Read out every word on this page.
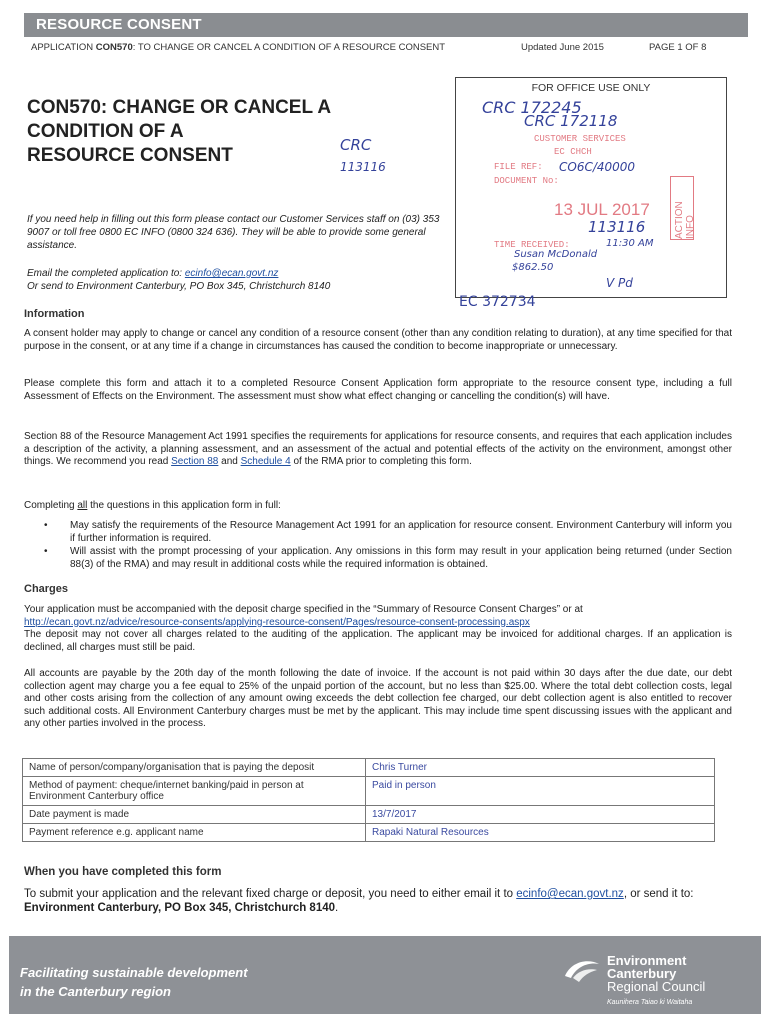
RESOURCE CONSENT
APPLICATION CON570: TO CHANGE OR CANCEL A CONDITION OF A RESOURCE CONSENT	Updated June 2015	PAGE 1 OF 8
CON570: CHANGE OR CANCEL A
CONDITION OF A
RESOURCE CONSENT	CRC
113116

If you need help in filling out this form please contact our Customer Services staff on (03) 353 9007 or toll free 0800 EC INFO (0800 324 636). They will be able to provide some general assistance.

Email the completed application to: ecinfo@ecan.govt.nz
Or send to Environment Canterbury, PO Box 345, Christchurch 8140

FOR OFFICE USE ONLY
CRC 172245
CRC 172118
CUSTOMER SERVICES
EC CHCH
FILE REF:
DOCUMENT No:
13 JUL 2017
TIME RECEIVED:
CO6C/40000
113116
11:30 AM
Susan McDonald
$862.50
V Pd
ACTION INFO
EC 372734
Information

A consent holder may apply to change or cancel any condition of a resource consent (other than any condition relating to duration), at any time specified for that purpose in the consent, or at any time if a change in circumstances has caused the condition to become inappropriate or unnecessary.

Please complete this form and attach it to a completed Resource Consent Application form appropriate to the resource consent type, including a full Assessment of Effects on the Environment. The assessment must show what effect changing or cancelling the condition(s) will have.

Section 88 of the Resource Management Act 1991 specifies the requirements for applications for resource consents, and requires that each application includes a description of the activity, a planning assessment, and an assessment of the actual and potential effects of the activity on the environment, amongst other things. We recommend you read Section 88 and Schedule 4 of the RMA prior to completing this form.

Completing all the questions in this application form in full:

• May satisfy the requirements of the Resource Management Act 1991 for an application for resource consent. Environment Canterbury will inform you if further information is required.
• Will assist with the prompt processing of your application. Any omissions in this form may result in your application being returned (under Section 88(3) of the RMA) and may result in additional costs while the required information is obtained.
Charges

Your application must be accompanied with the deposit charge specified in the “Summary of Resource Consent Charges” or at
http://ecan.govt.nz/advice/resource-consents/applying-resource-consent/Pages/resource-consent-processing.aspx
The deposit may not cover all charges related to the auditing of the application. The applicant may be invoiced for additional charges. If an application is declined, all charges must still be paid.

All accounts are payable by the 20th day of the month following the date of invoice. If the account is not paid within 30 days after the due date, our debt collection agent may charge you a fee equal to 25% of the unpaid portion of the account, but no less than $25.00. Where the total debt collection costs, legal and other costs arising from the collection of any amount owing exceeds the debt collection fee charged, our debt collection agent is also entitled to recover such additional costs. All Environment Canterbury charges must be met by the applicant. This may include time spent discussing issues with the applicant and any other parties involved in the process.

Name of person/company/organisation that is paying the deposit	Chris Turner
Method of payment: cheque/internet banking/paid in person at Environment Canterbury office	Paid in person
Date payment is made	13/7/2017
Payment reference e.g. applicant name	Rapaki Natural Resources
When you have completed this form

To submit your application and the relevant fixed charge or deposit, you need to either email it to ecinfo@ecan.govt.nz, or send it to: Environment Canterbury, PO Box 345, Christchurch 8140.

Facilitating sustainable development
in the Canterbury region
Environment
Canterbury
Regional Council
Kaunihera Taiao ki Waitaha
